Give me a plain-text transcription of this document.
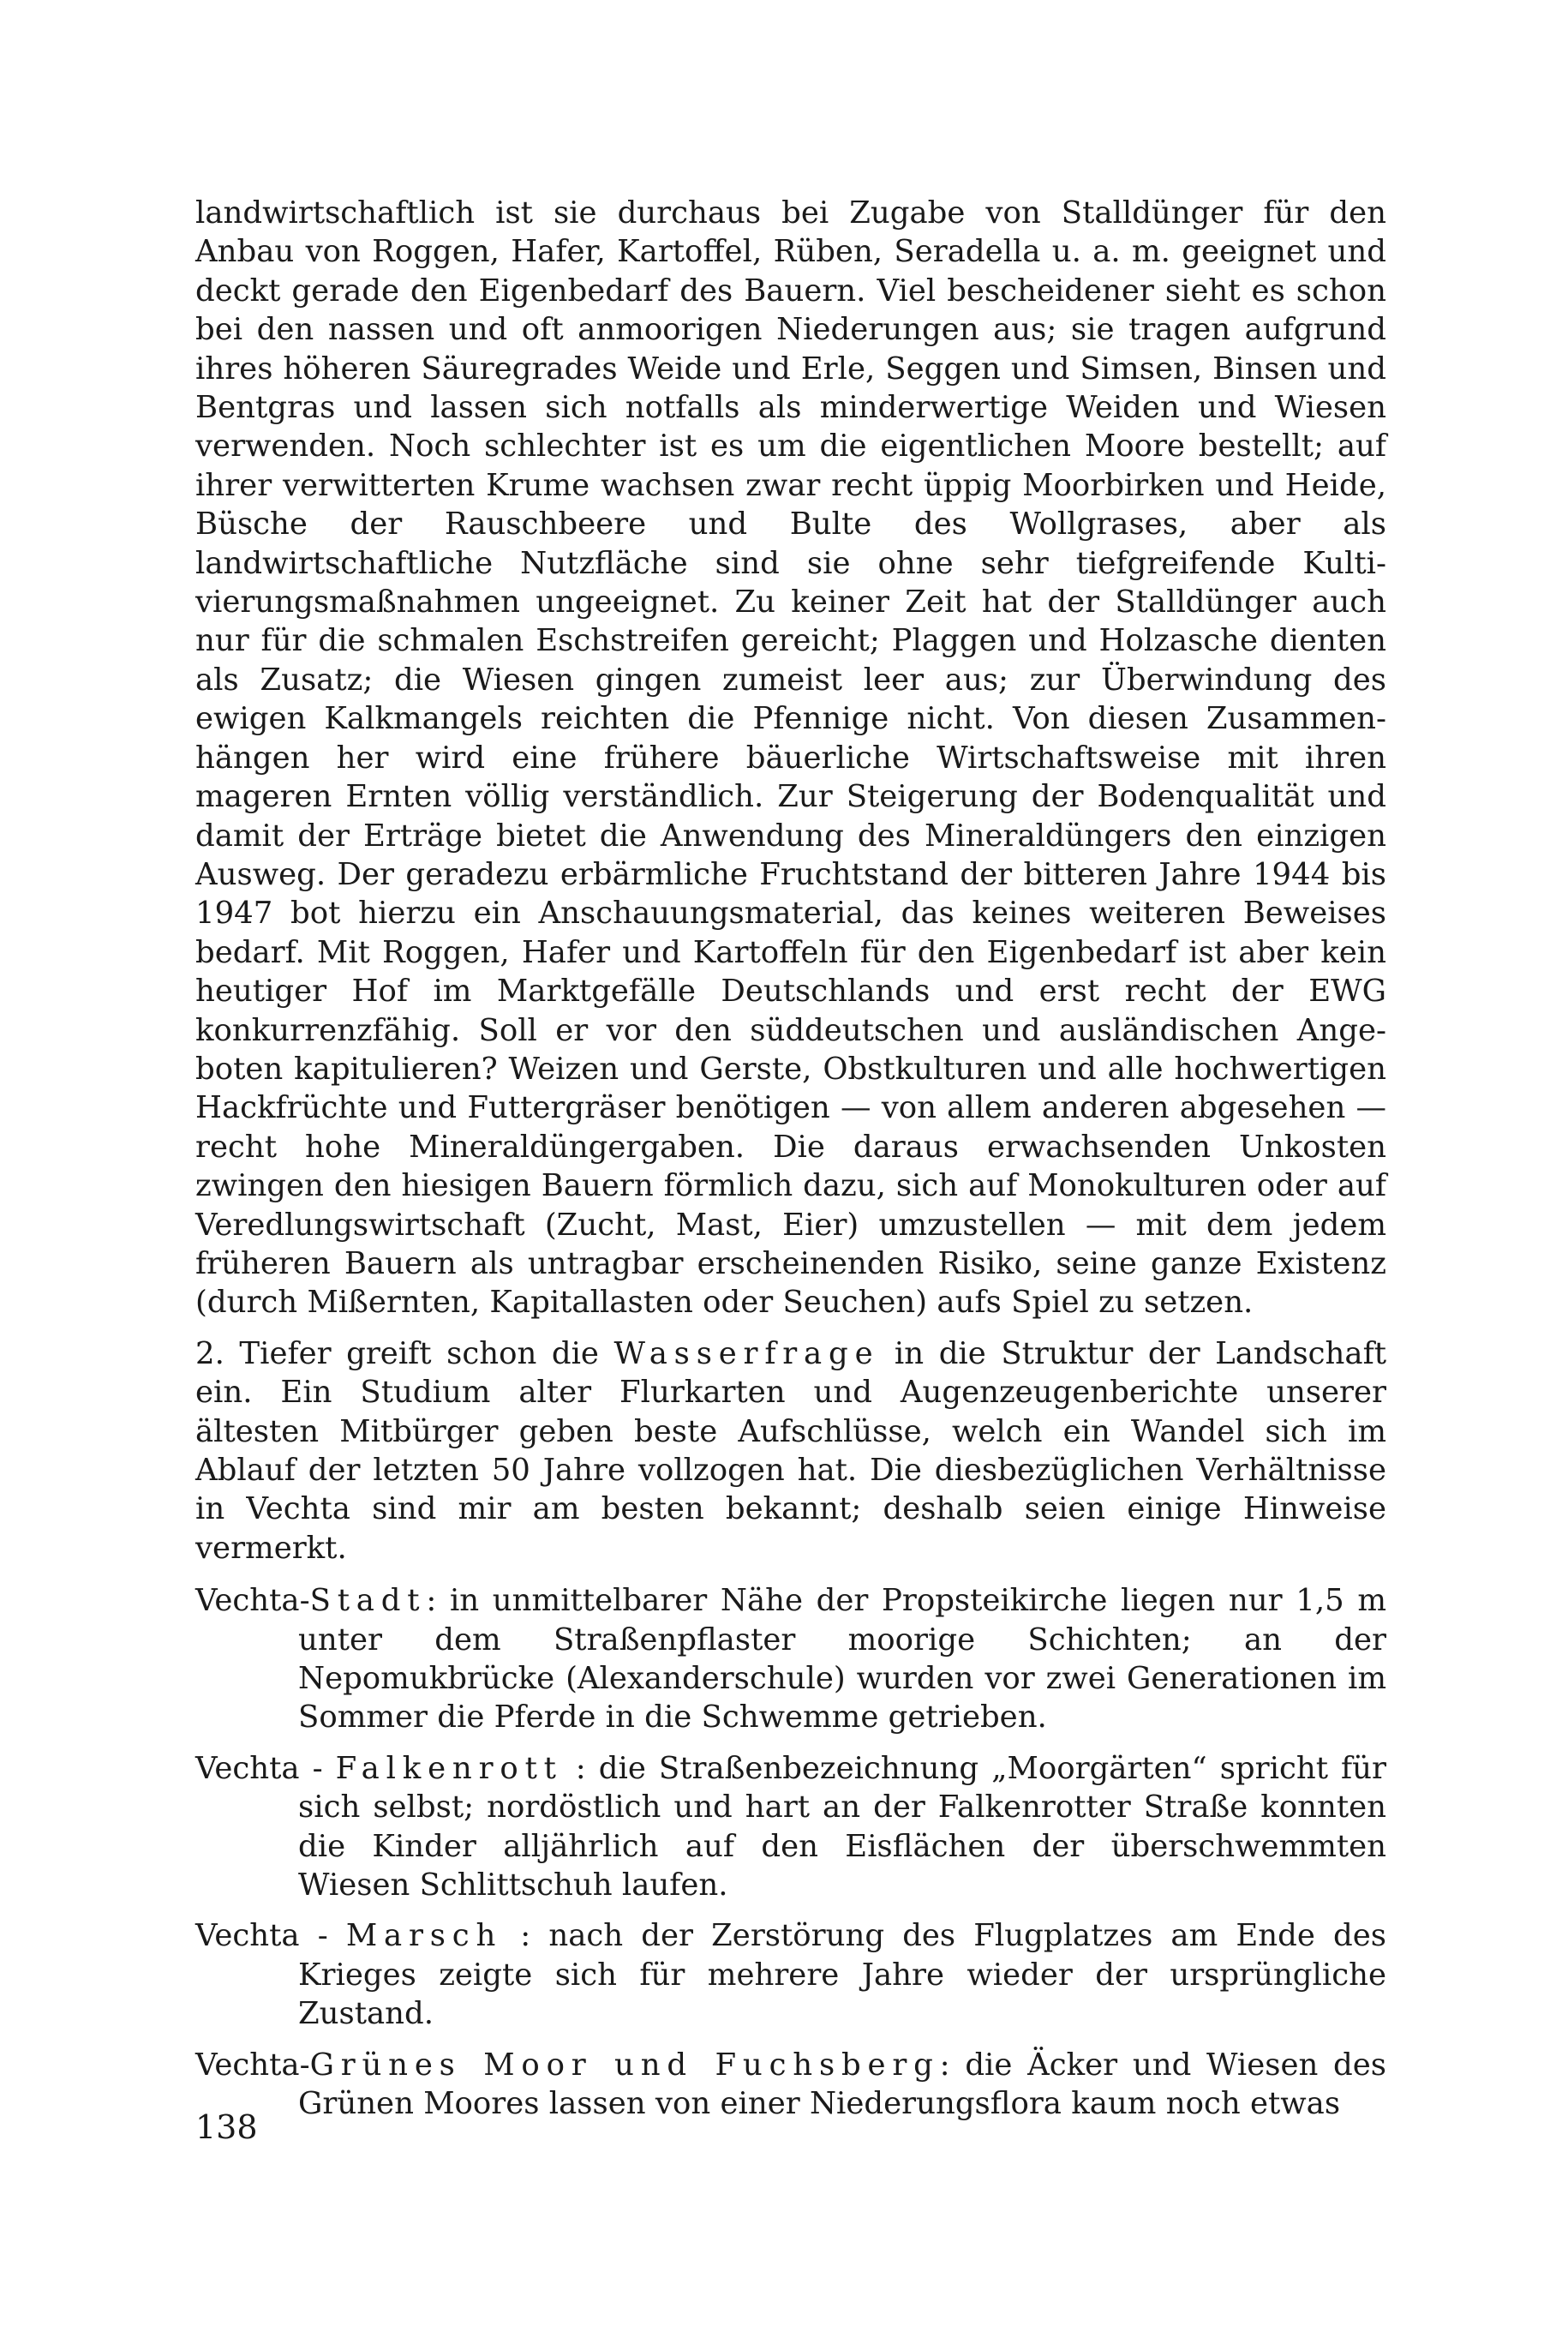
landwirtschaftlich ist sie durchaus bei Zugabe von Stalldünger für den Anbau von Roggen, Hafer, Kartoffel, Rüben, Seradella u. a. m. geeignet und deckt gerade den Eigenbedarf des Bauern. Viel bescheidener sieht es schon bei den nassen und oft anmoorigen Niederungen aus; sie tragen aufgrund ihres höheren Säuregrades Weide und Erle, Seggen und Simsen, Binsen und Bentgras und lassen sich notfalls als minderwertige Weiden und Wiesen verwenden. Noch schlechter ist es um die eigentlichen Moore bestellt; auf ihrer verwitterten Krume wachsen zwar recht üppig Moorbirken und Heide, Büsche der Rauschbeere und Bulte des Wollgrases, aber als landwirtschaftliche Nutzfläche sind sie ohne sehr tiefgreifende Kultivierungsmaßnahmen ungeeignet. Zu keiner Zeit hat der Stalldünger auch nur für die schmalen Eschstreifen gereicht; Plaggen und Holzasche dienten als Zusatz; die Wiesen gingen zumeist leer aus; zur Überwindung des ewigen Kalkmangels reichten die Pfennige nicht. Von diesen Zusammenhängen her wird eine frühere bäuerliche Wirtschaftsweise mit ihren mageren Ernten völlig verständlich. Zur Steigerung der Bodenqualität und damit der Erträge bietet die Anwendung des Mineraldüngers den einzigen Ausweg. Der geradezu erbärmliche Fruchtstand der bitteren Jahre 1944 bis 1947 bot hierzu ein Anschauungsmaterial, das keines weiteren Beweises bedarf. Mit Roggen, Hafer und Kartoffeln für den Eigenbedarf ist aber kein heutiger Hof im Marktgefälle Deutschlands und erst recht der EWG konkurrenzfähig. Soll er vor den süddeutschen und ausländischen Angeboten kapitulieren? Weizen und Gerste, Obstkulturen und alle hochwertigen Hackfrüchte und Futtergräser benötigen — von allem anderen abgesehen — recht hohe Mineraldüngergaben. Die daraus erwachsenden Unkosten zwingen den hiesigen Bauern förmlich dazu, sich auf Monokulturen oder auf Veredlungswirtschaft (Zucht, Mast, Eier) umzustellen — mit dem jedem früheren Bauern als untragbar erscheinenden Risiko, seine ganze Existenz (durch Mißernten, Kapitallasten oder Seuchen) aufs Spiel zu setzen.

2. Tiefer greift schon die Wasserfrage in die Struktur der Landschaft ein. Ein Studium alter Flurkarten und Augenzeugenberichte unserer ältesten Mitbürger geben beste Aufschlüsse, welch ein Wandel sich im Ablauf der letzten 50 Jahre vollzogen hat. Die diesbezüglichen Verhältnisse in Vechta sind mir am besten bekannt; deshalb seien einige Hinweise vermerkt.

Vechta-Stadt: in unmittelbarer Nähe der Propsteikirche liegen nur 1,5 m unter dem Straßenpflaster moorige Schichten; an der Nepomukbrücke (Alexanderschule) wurden vor zwei Generationen im Sommer die Pferde in die Schwemme getrieben.

Vechta - Falkenrott : die Straßenbezeichnung „Moorgärten“ spricht für sich selbst; nordöstlich und hart an der Falkenrotter Straße konnten die Kinder alljährlich auf den Eisflächen der überschwemmten Wiesen Schlittschuh laufen.

Vechta - Marsch : nach der Zerstörung des Flugplatzes am Ende des Krieges zeigte sich für mehrere Jahre wieder der ursprüngliche Zustand.

Vechta-Grünes Moor und Fuchsberg: die Äcker und Wiesen des Grünen Moores lassen von einer Niederungsflora kaum noch etwas

138
